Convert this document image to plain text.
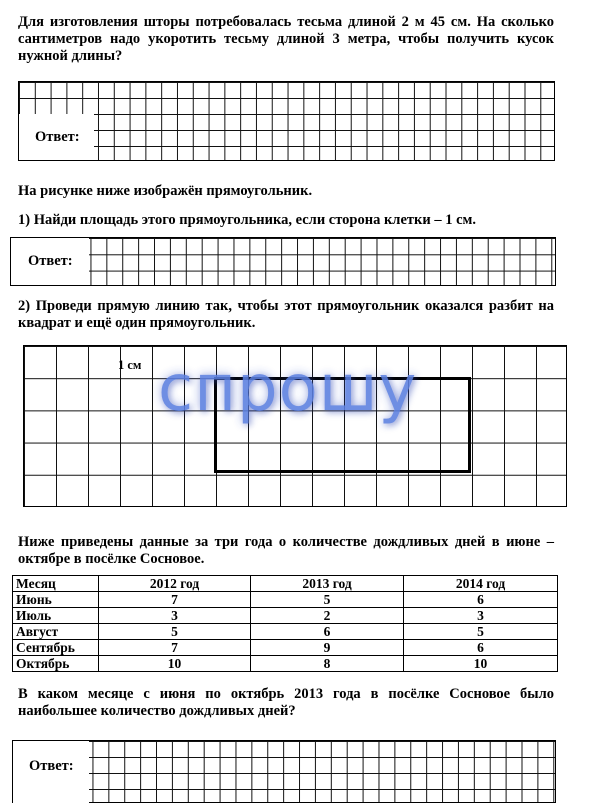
Для изготовления шторы потребовалась тесьма длиной 2 м 45 см. На сколько сантиметров надо укоротить тесьму длиной 3 метра, чтобы получить кусок нужной длины?

Ответ:

На рисунке ниже изображён прямоугольник.

1) Найди площадь этого прямоугольника, если сторона клетки – 1 см.

Ответ:

2) Проведи прямую линию так, чтобы этот прямоугольник оказался разбит на квадрат и ещё один прямоугольник.

1 см спрошу

Ниже приведены данные за три года о количестве дождливых дней в июне – октябре в посёлке Сосновое.

Месяц	2012 год	2013 год	2014 год
Июнь	7	5	6
Июль	3	2	3
Август	5	6	5
Сентябрь	7	9	6
Октябрь	10	8	10

В каком месяце с июня по октябрь 2013 года в посёлке Сосновое было наибольшее количество дождливых дней?

Ответ:
